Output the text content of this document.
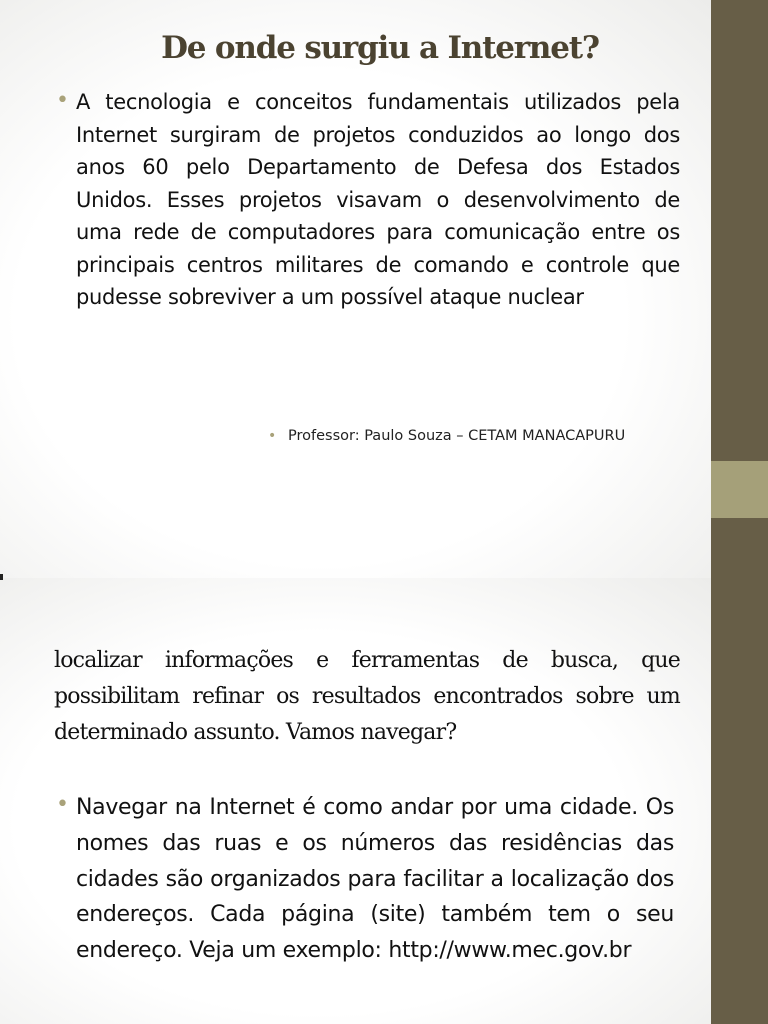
De onde surgiu a Internet?
• A tecnologia e conceitos fundamentais utilizados pela Internet surgiram de projetos conduzidos ao longo dos anos 60 pelo Departamento de Defesa dos Estados Unidos. Esses projetos visavam o desenvolvimento de uma rede de computadores para comunicação entre os principais centros militares de comando e controle que pudesse sobreviver a um possível ataque nuclear
• Professor: Paulo Souza – CETAM MANACAPURU
localizar informações e ferramentas de busca, que possibilitam refinar os resultados encontrados sobre um determinado assunto. Vamos navegar?
• Navegar na Internet é como andar por uma cidade. Os nomes das ruas e os números das residências das cidades são organizados para facilitar a localização dos endereços. Cada página (site) também tem o seu endereço. Veja um exemplo: http://www.mec.gov.br
